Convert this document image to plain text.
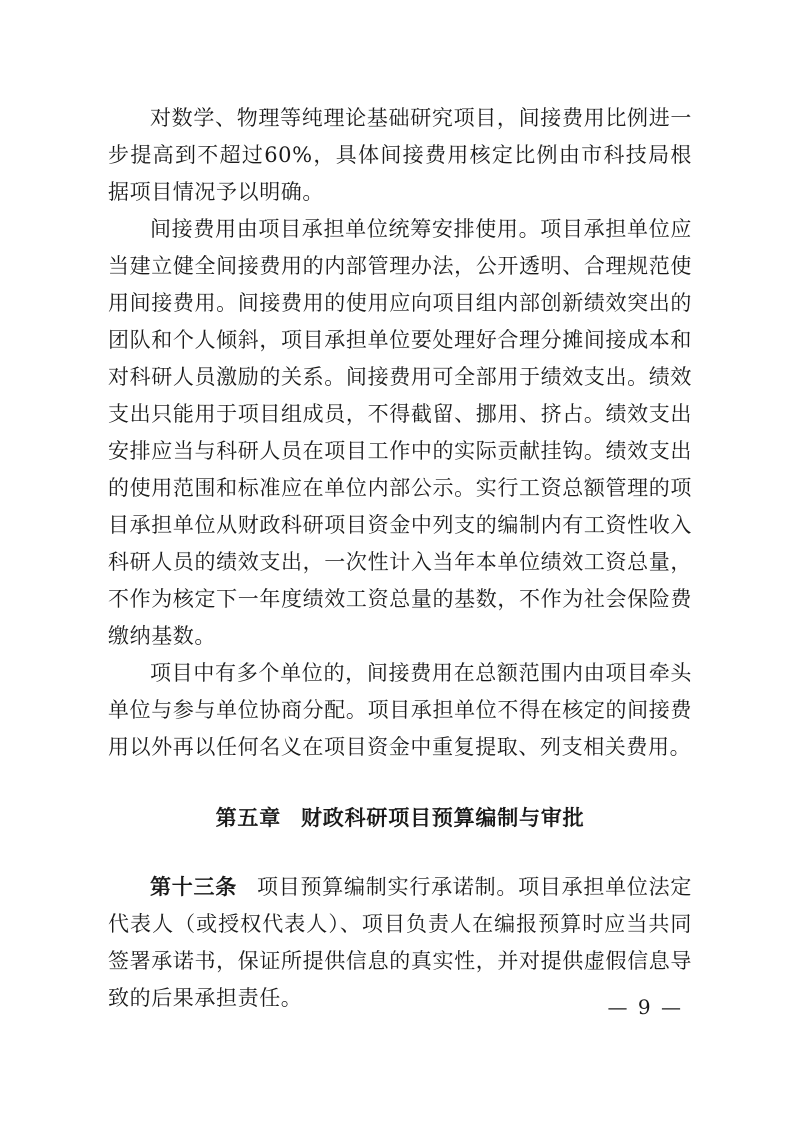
对数学、物理等纯理论基础研究项目，间接费用比例进一步提高到不超过60%，具体间接费用核定比例由市科技局根据项目情况予以明确。

间接费用由项目承担单位统筹安排使用。项目承担单位应当建立健全间接费用的内部管理办法，公开透明、合理规范使用间接费用。间接费用的使用应向项目组内部创新绩效突出的团队和个人倾斜，项目承担单位要处理好合理分摊间接成本和对科研人员激励的关系。间接费用可全部用于绩效支出。绩效支出只能用于项目组成员，不得截留、挪用、挤占。绩效支出安排应当与科研人员在项目工作中的实际贡献挂钩。绩效支出的使用范围和标准应在单位内部公示。实行工资总额管理的项目承担单位从财政科研项目资金中列支的编制内有工资性收入科研人员的绩效支出，一次性计入当年本单位绩效工资总量，不作为核定下一年度绩效工资总量的基数，不作为社会保险费缴纳基数。

项目中有多个单位的，间接费用在总额范围内由项目牵头单位与参与单位协商分配。项目承担单位不得在核定的间接费用以外再以任何名义在项目资金中重复提取、列支相关费用。

第五章 财政科研项目预算编制与审批

第十三条 项目预算编制实行承诺制。项目承担单位法定代表人（或授权代表人）、项目负责人在编报预算时应当共同签署承诺书，保证所提供信息的真实性，并对提供虚假信息导致的后果承担责任。	— 9 —
